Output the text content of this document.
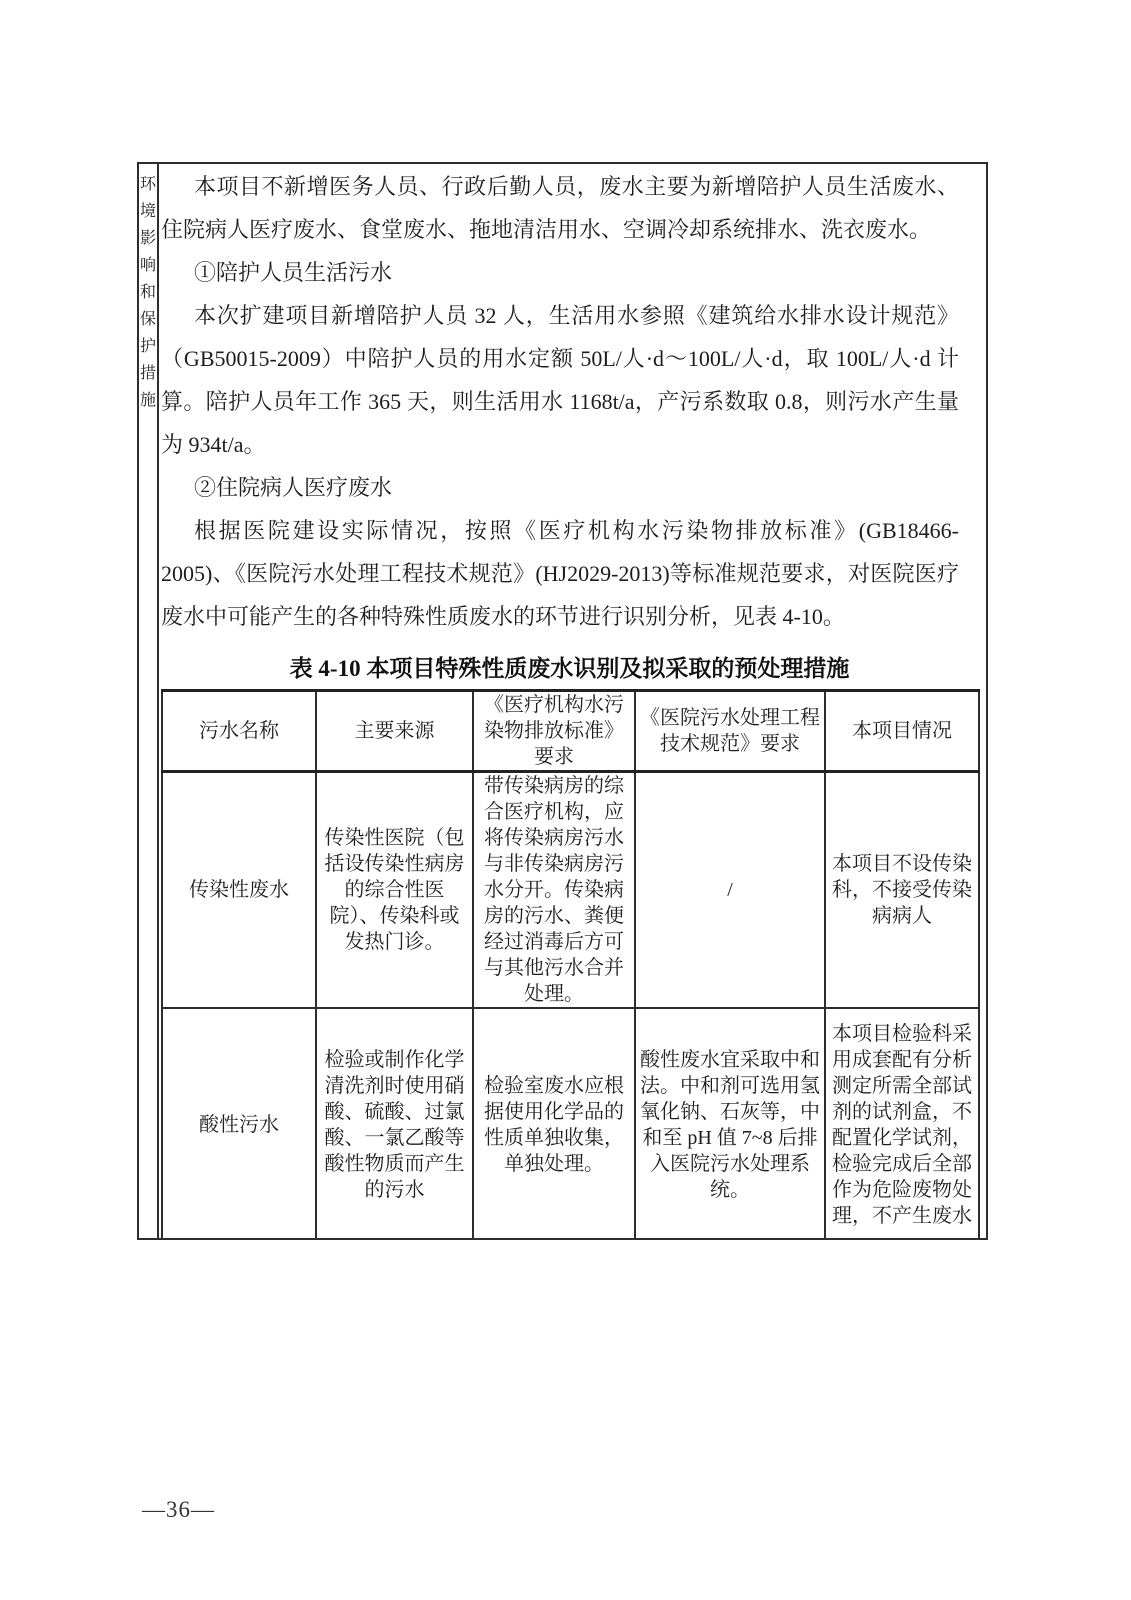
环境影响和保护措施

本项目不新增医务人员、行政后勤人员，废水主要为新增陪护人员生活废水、住院病人医疗废水、食堂废水、拖地清洁用水、空调冷却系统排水、洗衣废水。

①陪护人员生活污水

本次扩建项目新增陪护人员 32 人，生活用水参照《建筑给水排水设计规范》（GB50015-2009）中陪护人员的用水定额 50L/人·d～100L/人·d，取 100L/人·d 计算。陪护人员年工作 365 天，则生活用水 1168t/a，产污系数取 0.8，则污水产生量为 934t/a。

②住院病人医疗废水

根据医院建设实际情况，按照《医疗机构水污染物排放标准》(GB18466-2005)、《医院污水处理工程技术规范》(HJ2029-2013)等标准规范要求，对医院医疗废水中可能产生的各种特殊性质废水的环节进行识别分析，见表 4-10。

表 4-10 本项目特殊性质废水识别及拟采取的预处理措施
污水名称	主要来源	《医疗机构水污染物排放标准》要求	《医院污水处理工程技术规范》要求	本项目情况
传染性废水	传染性医院（包括设传染性病房的综合性医院）、传染科或发热门诊。	带传染病房的综合医疗机构，应将传染病房污水与非传染病房污水分开。传染病房的污水、粪便经过消毒后方可与其他污水合并处理。	/	本项目不设传染科，不接受传染病病人
酸性污水	检验或制作化学清洗剂时使用硝酸、硫酸、过氯酸、一氯乙酸等酸性物质而产生的污水	检验室废水应根据使用化学品的性质单独收集，单独处理。	酸性废水宜采取中和法。中和剂可选用氢氧化钠、石灰等，中和至 pH 值 7~8 后排入医院污水处理系统。	本项目检验科采用成套配有分析测定所需全部试剂的试剂盒，不配置化学试剂，检验完成后全部作为危险废物处理，不产生废水
—36—
